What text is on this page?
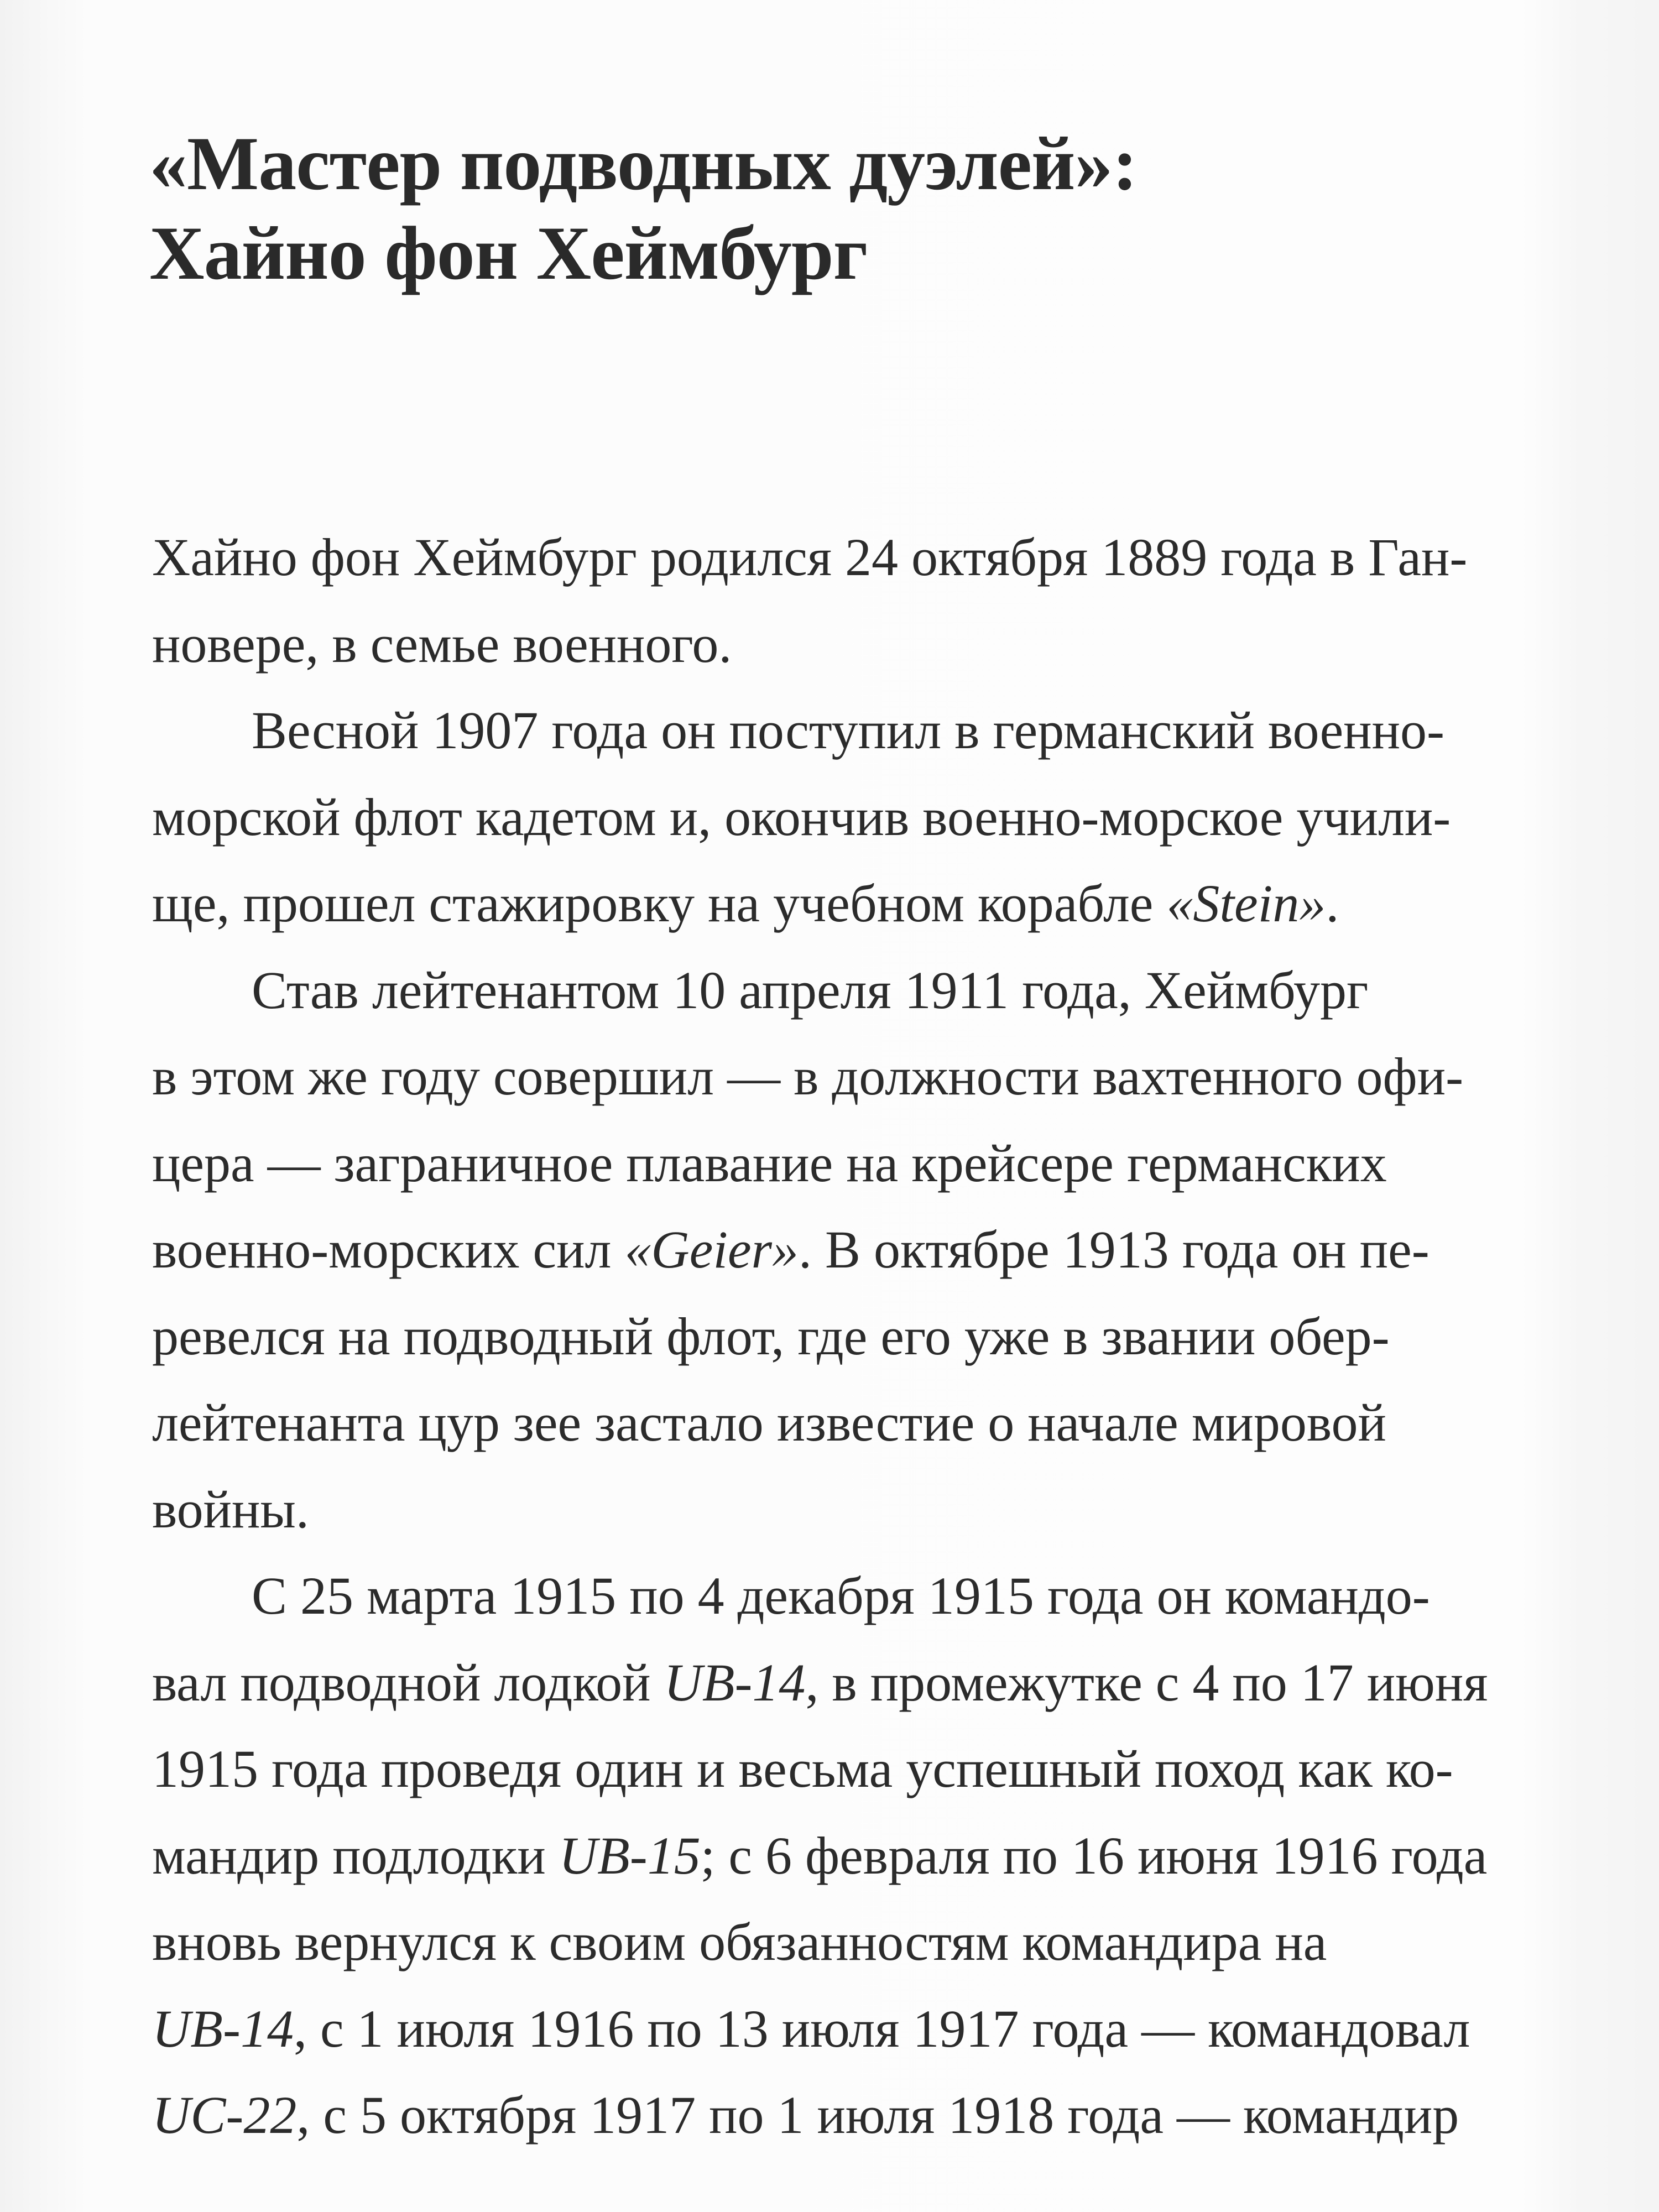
«Мастер подводных дуэлей»:
Хайно фон Хеймбург

Хайно фон Хеймбург родился 24 октября 1889 года в Ган-
новере, в семье военного.

Весной 1907 года он поступил в германский военно-
морской флот кадетом и, окончив военно-морское учили-
ще, прошел стажировку на учебном корабле «Stein».

Став лейтенантом 10 апреля 1911 года, Хеймбург
в этом же году совершил — в должности вахтенного офи-
цера — заграничное плавание на крейсере германских
военно-морских сил «Geier». В октябре 1913 года он пе-
ревелся на подводный флот, где его уже в звании обер-
лейтенанта цур зее застало известие о начале мировой
войны.

С 25 марта 1915 по 4 декабря 1915 года он командо-
вал подводной лодкой UB-14, в промежутке с 4 по 17 июня
1915 года проведя один и весьма успешный поход как ко-
мандир подлодки UB-15; с 6 февраля по 16 июня 1916 года
вновь вернулся к своим обязанностям командира на
UB-14, с 1 июля 1916 по 13 июля 1917 года — командовал
UC-22, с 5 октября 1917 по 1 июля 1918 года — командир
